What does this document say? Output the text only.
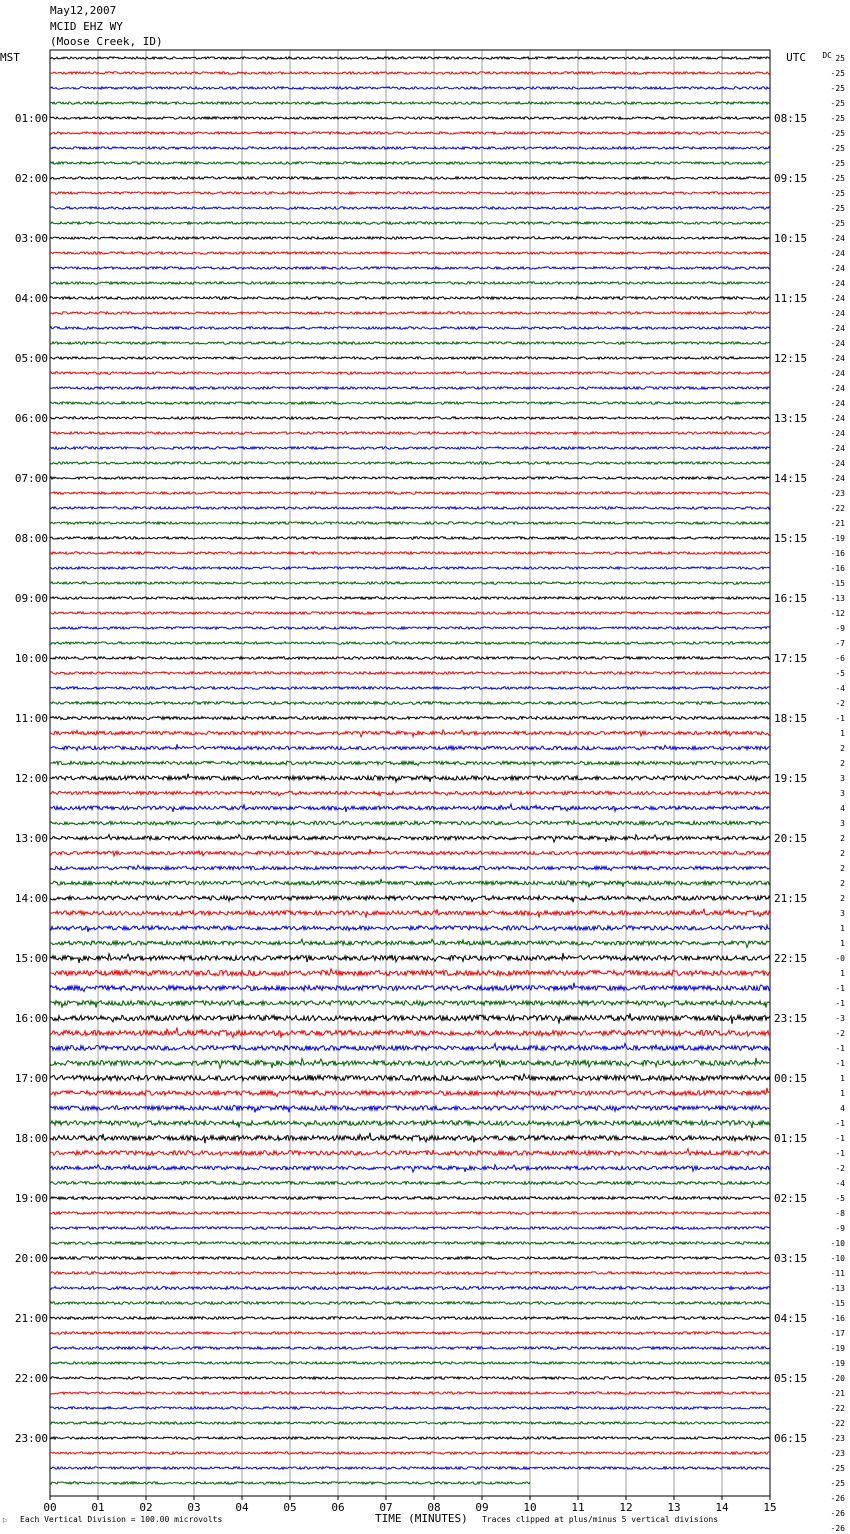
MST	UTC DC
01:00
02:00
03:00
04:00
05:00
06:00
07:00
08:00
09:00
10:00
11:00
12:00
13:00
14:00
15:00
16:00
17:00
18:00
19:00
20:00
21:00
22:00
23:00
08:15
09:15
10:15
11:15
12:15
13:15
14:15
15:15
16:15
17:15
18:15
19:15
20:15
21:15
22:15
23:15
00:15
01:15
02:15
03:15
04:15
05:15
06:15
25
-25
-25
-25
-25
-25
-25
-25
-25
-25
-25
-25
-24
-24
-24
-24
-24
-24
-24
-24
-24
-24
-24
-24
-24
-24
-24
-24
-24
-23
-22
-21
-19
-16
-16
-15
-13
-12
-9
-7
-6
-5
-4
-2
-1
1
2
2
3
3
4
3
2
2
2
2
2
3
1
1
-0
1
-1
-1
-3
-2
-1
-1
1
1
4
-1
-1
-1
-2
-4
-5
-8
-9
-10
-10
-11
-13
-15
-16
-17
-19
-19
-20
-21
-22
-22
-23
-23
-25
-25
-26
-26
-26
00	01	02	03	04	05	06	07	08	09	10	11	12	13	14	15
May12,2007
MCID EHZ WY
(Moose Creek, ID)
⚐ Each Vertical Division = 100.00 microvolts	TIME (MINUTES) Traces clipped at plus/minus 5 vertical divisions
